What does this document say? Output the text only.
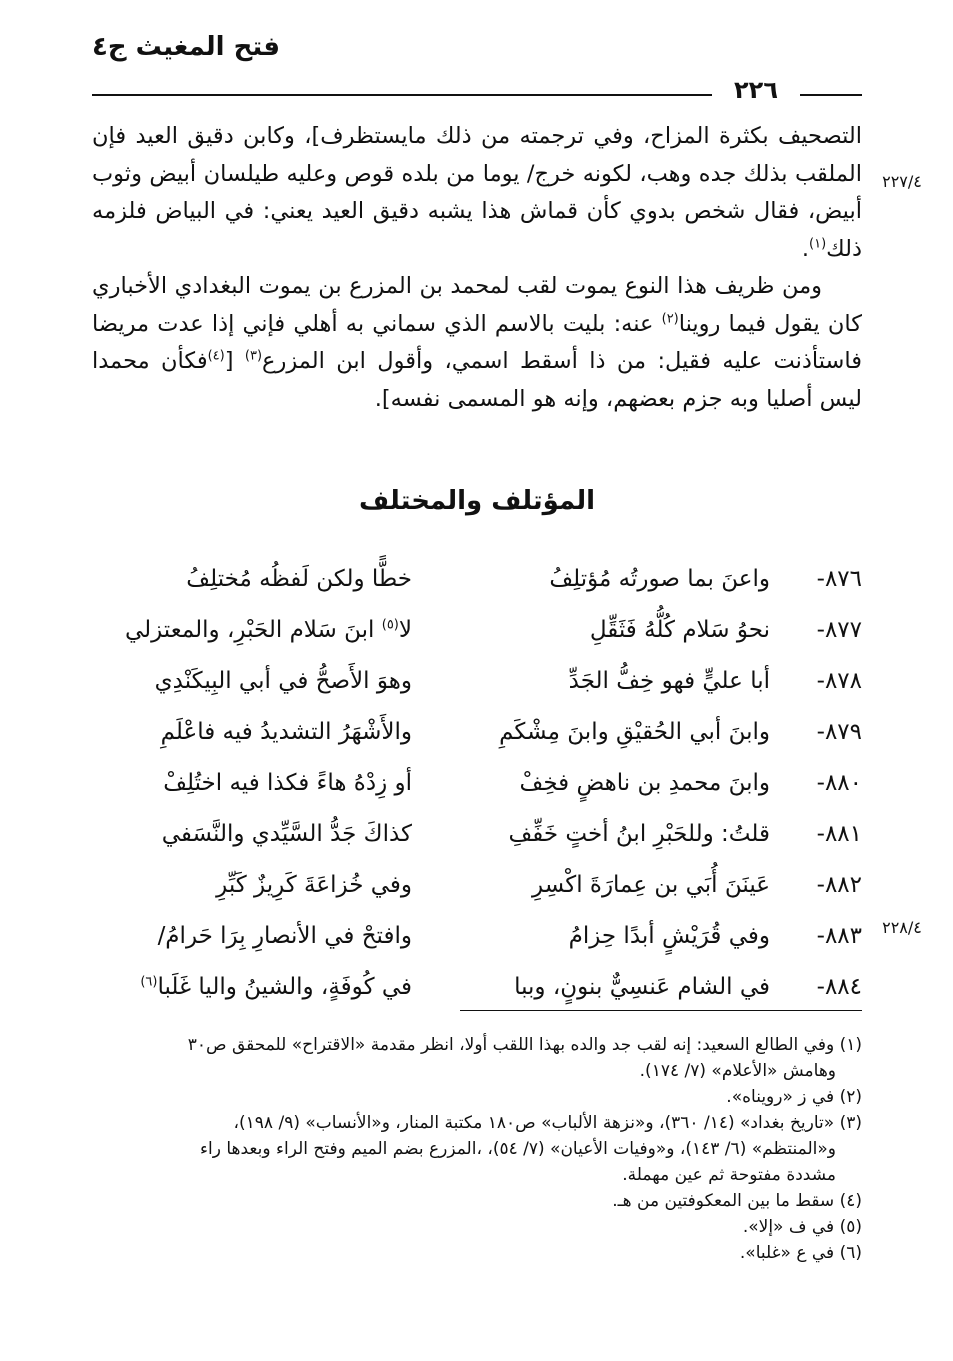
فتح المغيث ج٤
٢٢٦
٢٢٧/٤
٢٢٨/٤

التصحيف بكثرة المزاح، وفي ترجمته من ذلك مايستظرف]، وكابن دقيق العيد فإن الملقب بذلك جده وهب، لكونه خرج/ يوما من بلده قوص وعليه طيلسان أبيض وثوب أبيض، فقال شخص بدوي كأن قماش هذا يشبه دقيق العيد يعني: في البياض فلزمه ذلك$^{(١)}$.

ومن ظريف هذا النوع يموت لقب لمحمد بن المزرع بن يموت البغدادي الأخباري كان يقول فيما روينا$^{(٢)}$ عنه: بليت بالاسم الذي سماني به أهلي فإني إذا عدت مريضا فاستأذنت عليه فقيل: من ذا أسقط اسمي، وأقول ابن المزرع$^{(٣)}$ [$^{(٤)}$فكأن محمدا ليس أصليا وبه جزم بعضهم، وإنه هو المسمى نفسه].

المؤتلف والمختلف
٨٧٦-
واعنَ بما صورتُه مُؤتلِفُ
خطًّا ولكن لَفظُه مُختلِفُ
٨٧٧-
نحوُ سَلام كُلُّهُ فَثَقِّلِ
لا$^{(٥)}$ ابنَ سَلام الحَبْرِ، والمعتزلي
٨٧٨-
أبا عليٍّ فهو خِفُّ الجَدِّ
وهوَ الأَصحُّ في أبي البِيكَنْدِي
٨٧٩-
وابنَ أبي الحُقيْقِ وابنَ مِشْكَمِ
والأَشْهَرُ التشديدُ فيه فاعْلَمِ
٨٨٠-
وابنَ محمدِ بن ناهضٍ فخِفْ
أو زِدْهُ هاءً فكذا فيه اختُلِفْ
٨٨١-
قلتُ: وللحَبْرِ ابنُ أختٍ خَفِّفِ
كذاكَ جَدُّ السَّيِّدي والنَّسَفي
٨٨٢-
عَينَنَ أُبَي بن عِمارَةَ اكْسِرِ
وفي خُزاعَةَ كَرِيزٌ كَبِّرِ
٨٨٣-
وفي قُرَيْشٍ أبدًا حِزامُ
وافتحْ في الأنصارِ بِرَا حَرامُ/
٨٨٤-
في الشام عَنسِيٌّ بنونٍ، وببا
في كُوفَةٍ، والشينُ واليا غَلَبا$^{(٦)}$

(١) وفي الطالع السعيد: إنه لقب جد والده بهذا اللقب أولا، انظر مقدمة «الاقتراح» للمحقق ص٣٠

وهامش «الأعلام» (٧/ ١٧٤).

(٢) في ز «رويناه».

(٣) «تاريخ بغداد» (١٤/ ٣٦٠)، و«نزهة الألباب» ص١٨٠ مكتبة المنار، و«الأنساب» (٩/ ١٩٨)،

و«المنتظم» (٦/ ١٤٣)، و«وفيات الأعيان» (٧/ ٥٤)، ،المزرع بضم الميم وفتح الراء وبعدها راء

مشددة مفتوحة ثم عين مهملة.

(٤) سقط ما بين المعكوفتين من هـ.

(٥) في ف «إلا».

(٦) في ع «غلبا».
